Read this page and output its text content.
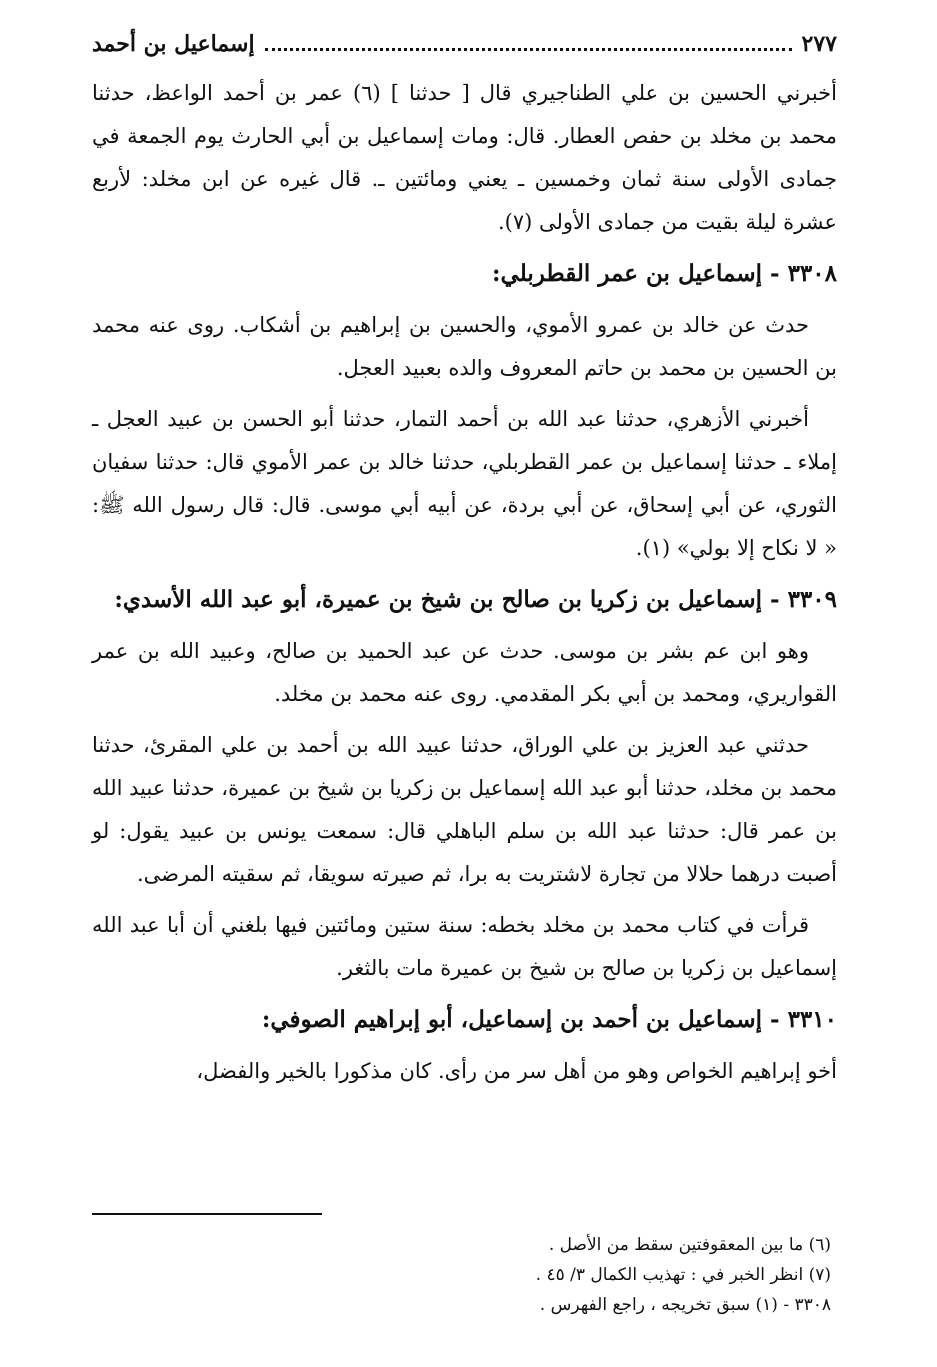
إسماعيل بن أحمد	٢٧٧

أخبرني الحسين بن علي الطناجيري قال [ حدثنا ] (٦) عمر بن أحمد الواعظ، حدثنا محمد بن مخلد بن حفص العطار. قال: ومات إسماعيل بن أبي الحارث يوم الجمعة في جمادى الأولى سنة ثمان وخمسين ـ يعني ومائتين ـ. قال غيره عن ابن مخلد: لأربع عشرة ليلة بقيت من جمادى الأولى (٧).

٣٣٠٨ - إسماعيل بن عمر القطربلي:

حدث عن خالد بن عمرو الأموي، والحسين بن إبراهيم بن أشكاب. روى عنه محمد بن الحسين بن محمد بن حاتم المعروف والده بعبيد العجل.

أخبرني الأزهري، حدثنا عبد الله بن أحمد التمار، حدثنا أبو الحسن بن عبيد العجل ـ إملاء ـ حدثنا إسماعيل بن عمر القطربلي، حدثنا خالد بن عمر الأموي قال: حدثنا سفيان الثوري، عن أبي إسحاق، عن أبي بردة، عن أبيه أبي موسى. قال: قال رسول الله ﷺ: « لا نكاح إلا بولي» (١).

٣٣٠٩ - إسماعيل بن زكريا بن صالح بن شيخ بن عميرة، أبو عبد الله الأسدي:

وهو ابن عم بشر بن موسى. حدث عن عبد الحميد بن صالح، وعبيد الله بن عمر القواريري، ومحمد بن أبي بكر المقدمي. روى عنه محمد بن مخلد.

حدثني عبد العزيز بن علي الوراق، حدثنا عبيد الله بن أحمد بن علي المقرئ، حدثنا محمد بن مخلد، حدثنا أبو عبد الله إسماعيل بن زكريا بن شيخ بن عميرة، حدثنا عبيد الله بن عمر قال: حدثنا عبد الله بن سلم الباهلي قال: سمعت يونس بن عبيد يقول: لو أصبت درهما حلالا من تجارة لاشتريت به برا، ثم صيرته سويقا، ثم سقيته المرضى.

قرأت في كتاب محمد بن مخلد بخطه: سنة ستين ومائتين فيها بلغني أن أبا عبد الله إسماعيل بن زكريا بن صالح بن شيخ بن عميرة مات بالثغر.

٣٣١٠ - إسماعيل بن أحمد بن إسماعيل، أبو إبراهيم الصوفي:

أخو إبراهيم الخواص وهو من أهل سر من رأى. كان مذكورا بالخير والفضل،

(٦) ما بين المعقوفتين سقط من الأصل .

(٧) انظر الخبر في : تهذيب الكمال ٣/ ٤٥ .

٣٣٠٨ - (١) سبق تخريجه ، راجع الفهرس .
